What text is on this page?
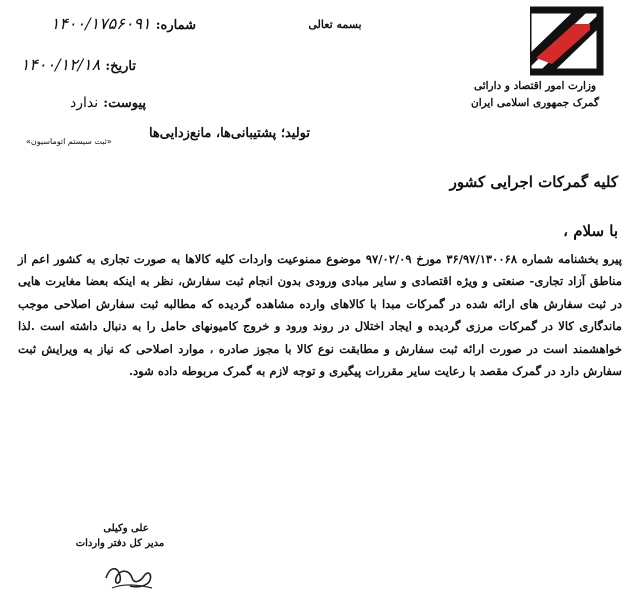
بسمه تعالی
شماره: ۱۴۰۰/۱۷۵۶۰۹۱
تاریخ: ۱۴۰۰/۱۲/۱۸
پیوست: ندارد
«ثبت سیستم اتوماسیون»
وزارت امور اقتصاد و دارائی
گمرک جمهوری اسلامی ایران
تولید؛ پشتیبانی‌ها، مانع‌زدایی‌ها
کلیه گمرکات اجرایی کشور
با سلام ،
پیرو بخشنامه شماره ۳۶/۹۷/۱۳۰۰۶۸ مورخ ۹۷/۰۲/۰۹ موضوع ممنوعیت واردات کلیه کالاها به صورت تجاری به کشور اعم از مناطق آزاد تجاری- صنعتی و ویژه اقتصادی و سایر مبادی ورودی بدون انجام ثبت سفارش، نظر به اینکه بعضا مغایرت هایی در ثبت سفارش های ارائه شده در گمرکات مبدا با کالاهای وارده مشاهده گردیده که مطالبه ثبت سفارش اصلاحی موجب ماندگاری کالا در گمرکات مرزی گردیده و ایجاد اختلال در روند ورود و خروج کامیونهای حامل را به دنبال داشته است .لذا خواهشمند است در صورت ارائه ثبت سفارش و مطابقت نوع کالا با مجوز صادره ، موارد اصلاحی که نیاز به ویرایش ثبت سفارش دارد در گمرک مقصد با رعایت سایر مقررات پیگیری و توجه لازم به گمرک مربوطه داده شود.
علی وکیلی
مدیر کل دفتر واردات
